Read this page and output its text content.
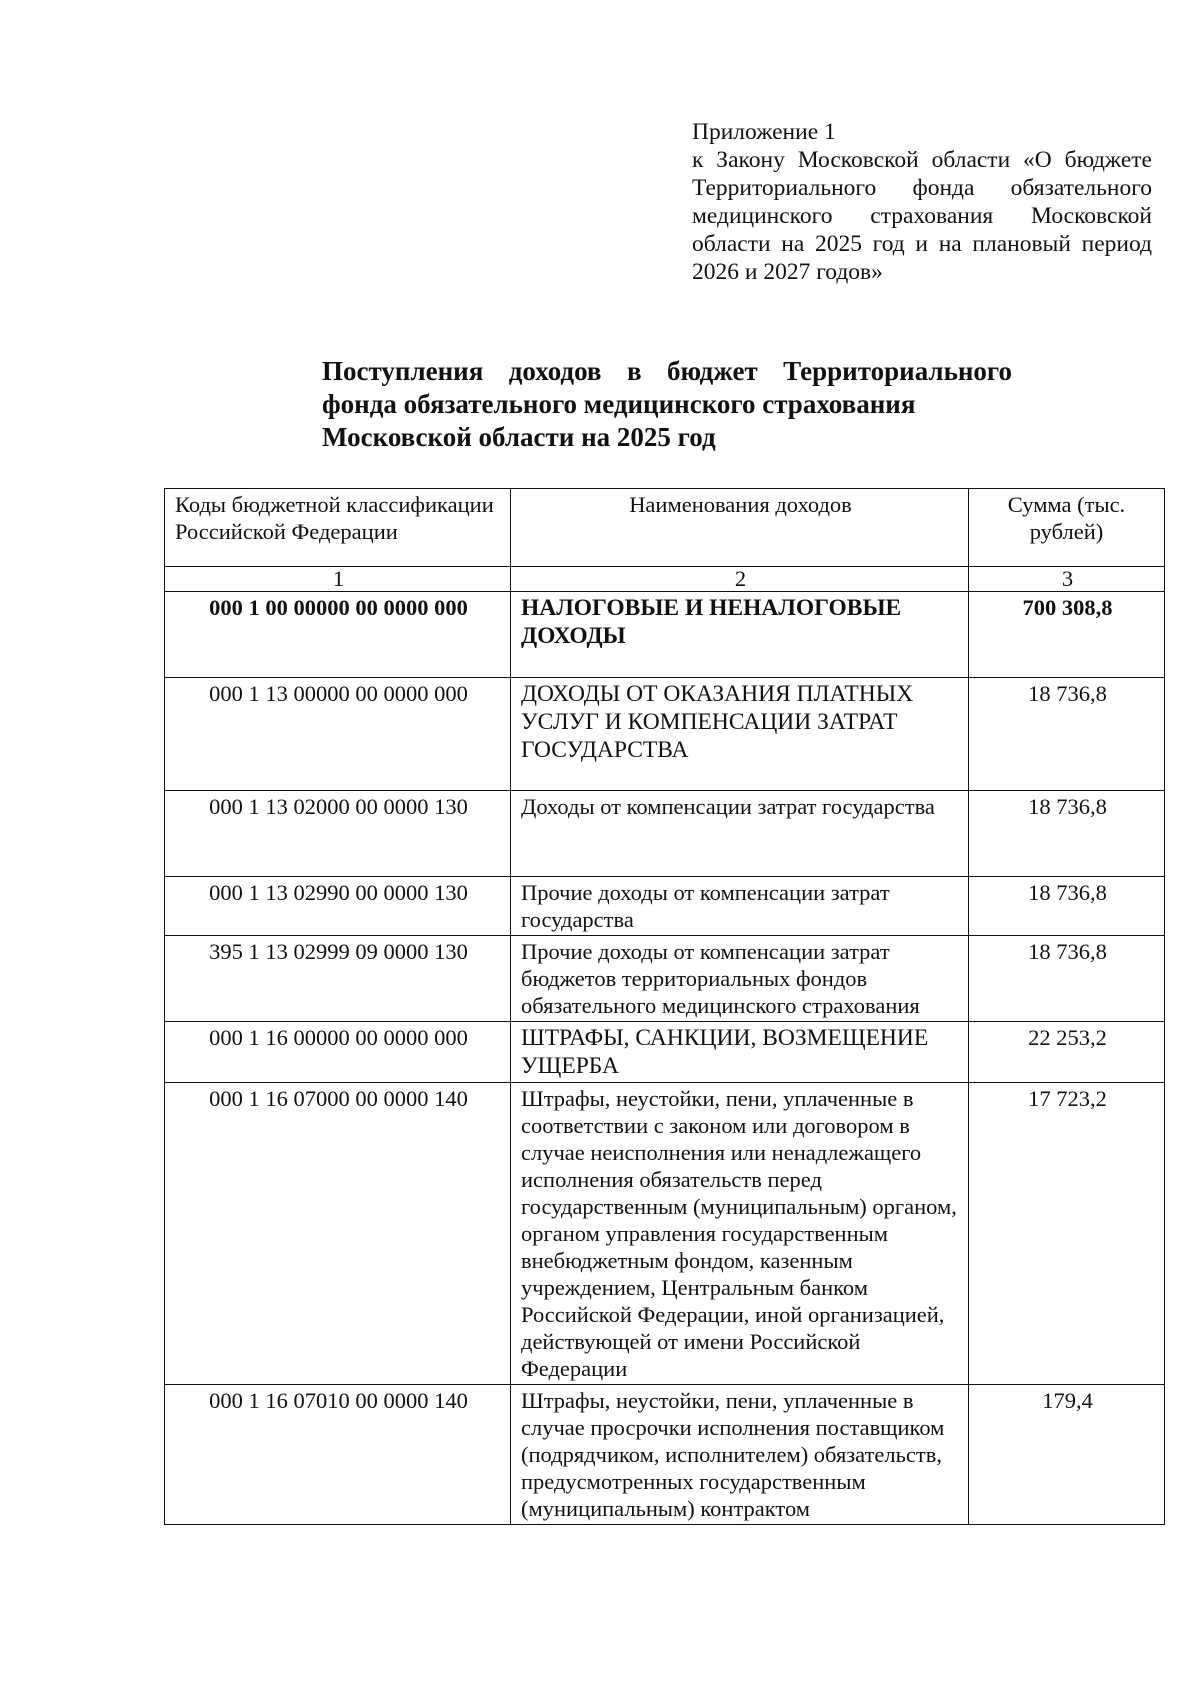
Приложение 1
к Закону Московской области «О бюджете Территориального фонда обязательного медицинского страхования Московской области на 2025 год и на плановый период 2026 и 2027 годов»
Поступления доходов в бюджет Территориального фонда обязательного медицинского страхования
Московской области на 2025 год
Коды бюджетной классификации Российской Федерации	Наименования доходов	Сумма (тыс. рублей)
1	2	3
000 1 00 00000 00 0000 000	НАЛОГОВЫЕ И НЕНАЛОГОВЫЕ ДОХОДЫ	700 308,8
000 1 13 00000 00 0000 000	ДОХОДЫ ОТ ОКАЗАНИЯ ПЛАТНЫХ УСЛУГ И КОМПЕНСАЦИИ ЗАТРАТ ГОСУДАРСТВА	18 736,8
000 1 13 02000 00 0000 130	Доходы от компенсации затрат государства	18 736,8
000 1 13 02990 00 0000 130	Прочие доходы от компенсации затрат государства	18 736,8
395 1 13 02999 09 0000 130	Прочие доходы от компенсации затрат бюджетов территориальных фондов обязательного медицинского страхования	18 736,8
000 1 16 00000 00 0000 000	ШТРАФЫ, САНКЦИИ, ВОЗМЕЩЕНИЕ УЩЕРБА	22 253,2
000 1 16 07000 00 0000 140	Штрафы, неустойки, пени, уплаченные в соответствии с законом или договором в случае неисполнения или ненадлежащего исполнения обязательств перед государственным (муниципальным) органом, органом управления государственным внебюджетным фондом, казенным учреждением, Центральным банком Российской Федерации, иной организацией, действующей от имени Российской Федерации	17 723,2
000 1 16 07010 00 0000 140	Штрафы, неустойки, пени, уплаченные в случае просрочки исполнения поставщиком (подрядчиком, исполнителем) обязательств, предусмотренных государственным (муниципальным) контрактом	179,4
